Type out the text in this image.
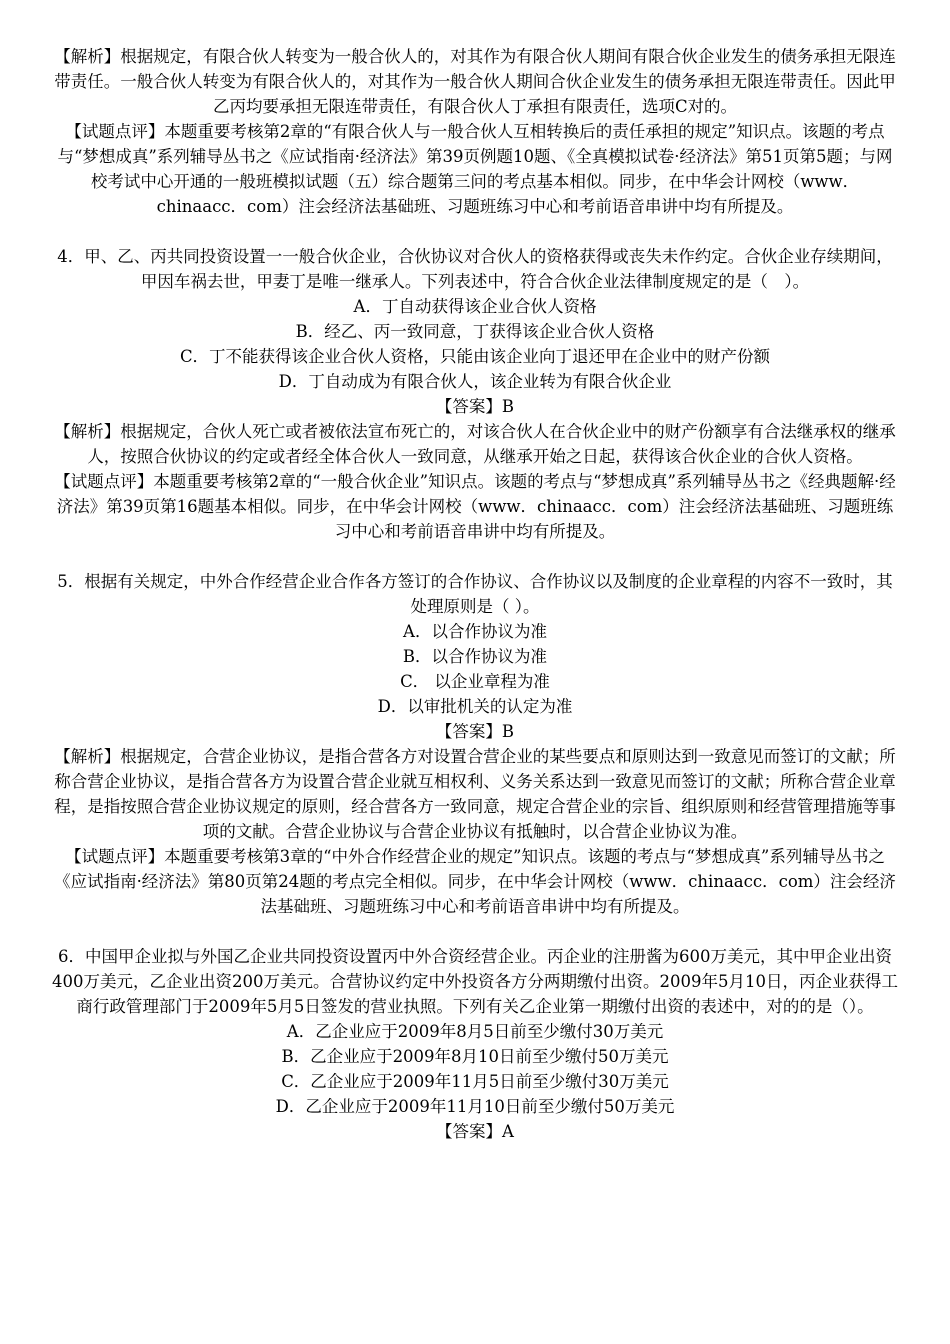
【解析】根据规定，有限合伙人转变为一般合伙人的，对其作为有限合伙人期间有限合伙企业发生的债务承担无限连带责任。一般合伙人转变为有限合伙人的，对其作为一般合伙人期间合伙企业发生的债务承担无限连带责任。因此甲乙丙均要承担无限连带责任，有限合伙人丁承担有限责任，选项C对的。

【试题点评】本题重要考核第2章的“有限合伙人与一般合伙人互相转换后的责任承担的规定”知识点。该题的考点与“梦想成真”系列辅导丛书之《应试指南·经济法》第39页例题10题、《全真模拟试卷·经济法》第51页第5题；与网校考试中心开通的一般班模拟试题（五）综合题第三问的考点基本相似。同步，在中华会计网校（www．chinaacc．com）注会经济法基础班、习题班练习中心和考前语音串讲中均有所提及。

4．甲、乙、丙共同投资设置一一般合伙企业，合伙协议对合伙人的资格获得或丧失未作约定。合伙企业存续期间，甲因车祸去世，甲妻丁是唯一继承人。下列表述中，符合合伙企业法律制度规定的是（　）。

A．丁自动获得该企业合伙人资格

B．经乙、丙一致同意，丁获得该企业合伙人资格

C．丁不能获得该企业合伙人资格，只能由该企业向丁退还甲在企业中的财产份额

D．丁自动成为有限合伙人，该企业转为有限合伙企业

【答案】B

【解析】根据规定，合伙人死亡或者被依法宣布死亡的，对该合伙人在合伙企业中的财产份额享有合法继承权的继承人，按照合伙协议的约定或者经全体合伙人一致同意，从继承开始之日起，获得该合伙企业的合伙人资格。

【试题点评】本题重要考核第2章的“一般合伙企业”知识点。该题的考点与“梦想成真”系列辅导丛书之《经典题解·经济法》第39页第16题基本相似。同步，在中华会计网校（www．chinaacc．com）注会经济法基础班、习题班练习中心和考前语音串讲中均有所提及。

5．根据有关规定，中外合作经营企业合作各方签订的合作协议、合作协议以及制度的企业章程的内容不一致时，其处理原则是（ ）。

A．以合作协议为准

B．以合作协议为准

C． 以企业章程为准

D．以审批机关的认定为准

【答案】B

【解析】根据规定，合营企业协议，是指合营各方对设置合营企业的某些要点和原则达到一致意见而签订的文献；所称合营企业协议，是指合营各方为设置合营企业就互相权利、义务关系达到一致意见而签订的文献；所称合营企业章程，是指按照合营企业协议规定的原则，经合营各方一致同意，规定合营企业的宗旨、组织原则和经营管理措施等事项的文献。合营企业协议与合营企业协议有抵触时，以合营企业协议为准。

【试题点评】本题重要考核第3章的“中外合作经营企业的规定”知识点。该题的考点与“梦想成真”系列辅导丛书之《应试指南·经济法》第80页第24题的考点完全相似。同步，在中华会计网校（www．chinaacc．com）注会经济法基础班、习题班练习中心和考前语音串讲中均有所提及。

6．中国甲企业拟与外国乙企业共同投资设置丙中外合资经营企业。丙企业的注册酱为600万美元，其中甲企业出资400万美元，乙企业出资200万美元。合营协议约定中外投资各方分两期缴付出资。2009年5月10日，丙企业获得工商行政管理部门于2009年5月5日签发的营业执照。下列有关乙企业第一期缴付出资的表述中，对的的是（）。

A．乙企业应于2009年8月5日前至少缴付30万美元

B．乙企业应于2009年8月10日前至少缴付50万美元

C．乙企业应于2009年11月5日前至少缴付30万美元

D．乙企业应于2009年11月10日前至少缴付50万美元

【答案】A
